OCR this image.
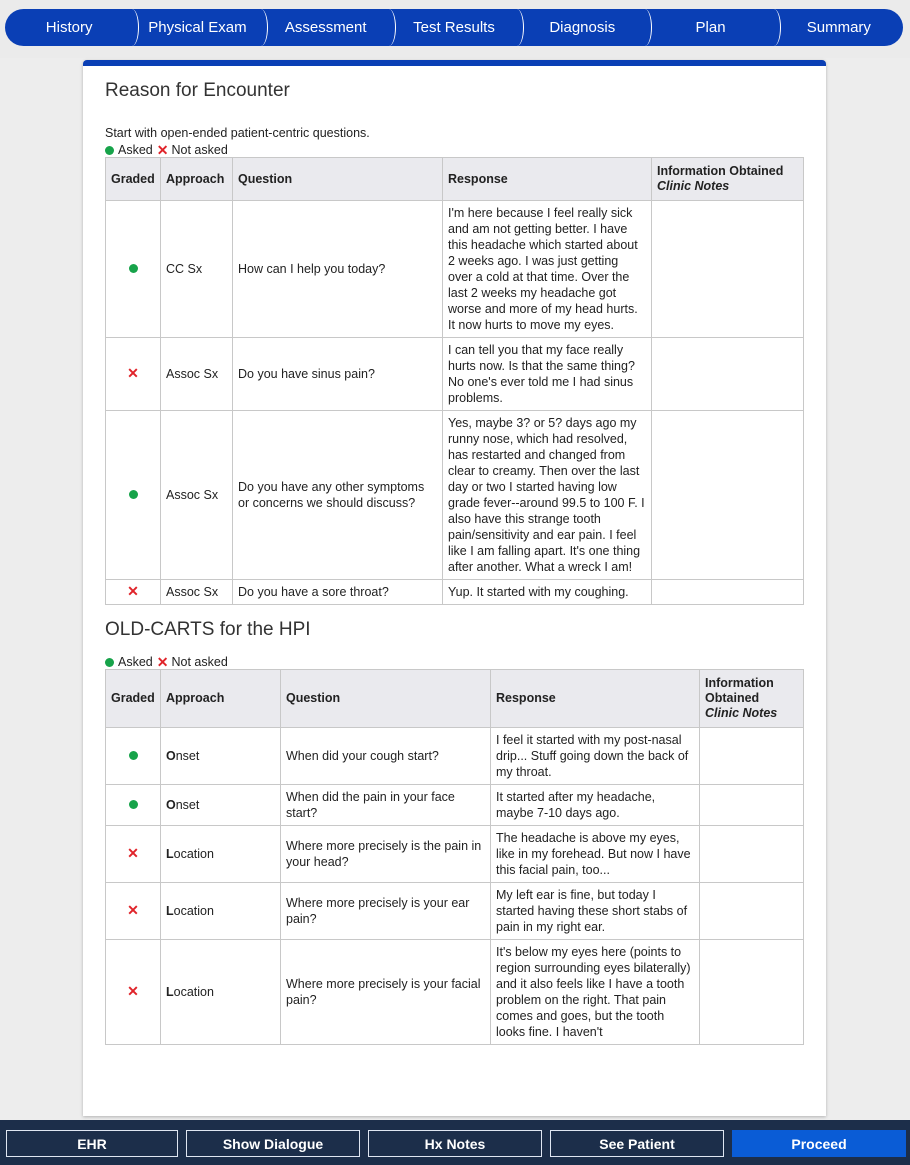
History	Physical Exam	Assessment	Test Results	Diagnosis	Plan	Summary
Reason for Encounter
Start with open-ended patient-centric questions.
Asked ✕ Not asked
Graded	Approach	Question	Response	Information Obtained
Clinic Notes

	CC Sx	How can I help you today?	I'm here because I feel really sick and am not getting better. I have this headache which started about 2 weeks ago. I was just getting over a cold at that time. Over the last 2 weeks my headache got worse and more of my head hurts. It now hurts to move my eyes.	
✕	Assoc Sx	Do you have sinus pain?	I can tell you that my face really hurts now. Is that the same thing? No one's ever told me I had sinus problems.	
	Assoc Sx	Do you have any other symptoms or concerns we should discuss?	Yes, maybe 3? or 5? days ago my runny nose, which had resolved, has restarted and changed from clear to creamy. Then over the last day or two I started having low grade fever--around 99.5 to 100 F. I also have this strange tooth pain/sensitivity and ear pain. I feel like I am falling apart. It's one thing after another. What a wreck I am!	
✕	Assoc Sx	Do you have a sore throat?	Yup. It started with my coughing.	
OLD-CARTS for the HPI
Asked ✕ Not asked
Graded	Approach	Question	Response	Information Obtained
Clinic Notes

	Onset	When did your cough start?	I feel it started with my post-nasal drip... Stuff going down the back of my throat.	
	Onset	When did the pain in your face start?	It started after my headache, maybe 7-10 days ago.	
✕	Location	Where more precisely is the pain in your head?	The headache is above my eyes, like in my forehead. But now I have this facial pain, too...	
✕	Location	Where more precisely is your ear pain?	My left ear is fine, but today I started having these short stabs of pain in my right ear.	
✕	Location	Where more precisely is your facial pain?	It's below my eyes here (points to region surrounding eyes bilaterally) and it also feels like I have a tooth problem on the right. That pain comes and goes, but the tooth looks fine. I haven't	
EHR	Show Dialogue	Hx Notes	See Patient	Proceed
